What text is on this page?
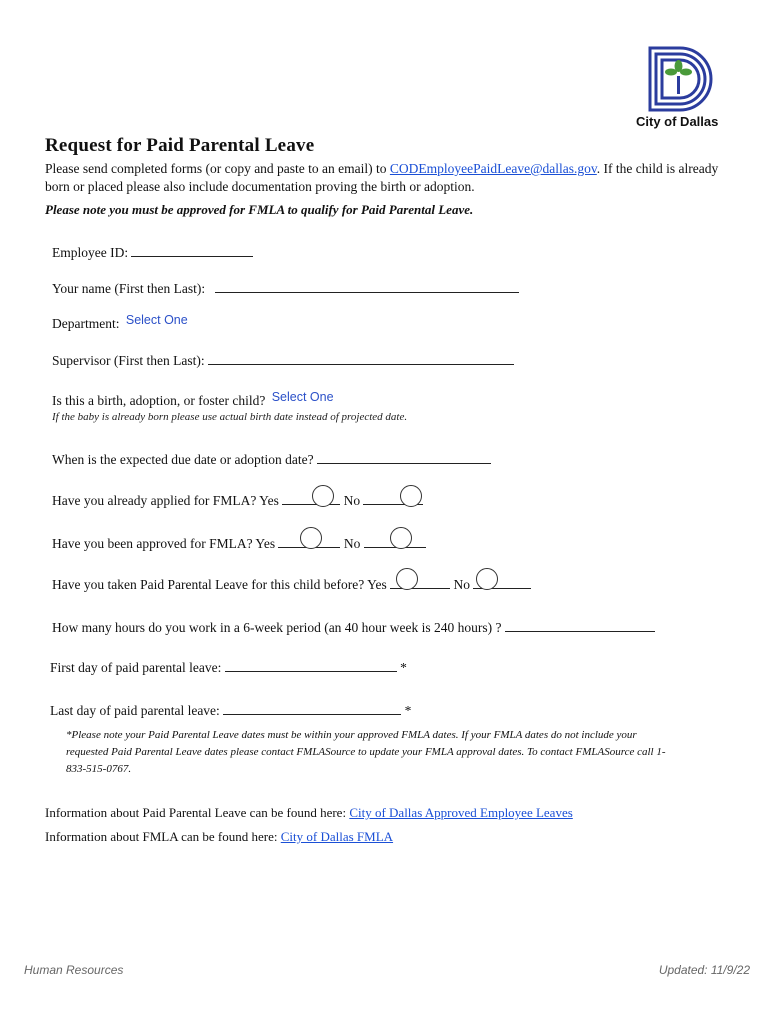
City of Dallas
Request for Paid Parental Leave
Please send completed forms (or copy and paste to an email) to CODEmployeePaidLeave@dallas.gov. If the child is already born or placed please also include documentation proving the birth or adoption.
Please note you must be approved for FMLA to qualify for Paid Parental Leave.
Employee ID:
Your name (First then Last):
Department: Select One
Supervisor (First then Last):
Is this a birth, adoption, or foster child? Select One
If the baby is already born please use actual birth date instead of projected date.
When is the expected due date or adoption date?
Have you already applied for FMLA? Yes	No
Have you been approved for FMLA? Yes	No
Have you taken Paid Parental Leave for this child before? Yes	No
How many hours do you work in a 6-week period (an 40 hour week is 240 hours) ?
First day of paid parental leave:	*
Last day of paid parental leave:	*
*Please note your Paid Parental Leave dates must be within your approved FMLA dates. If your FMLA dates do not include your requested Paid Parental Leave dates please contact FMLASource to update your FMLA approval dates. To contact FMLASource call 1-833-515-0767.
Information about Paid Parental Leave can be found here: City of Dallas Approved Employee Leaves
Information about FMLA can be found here: City of Dallas FMLA
Human Resources	Updated: 11/9/22
